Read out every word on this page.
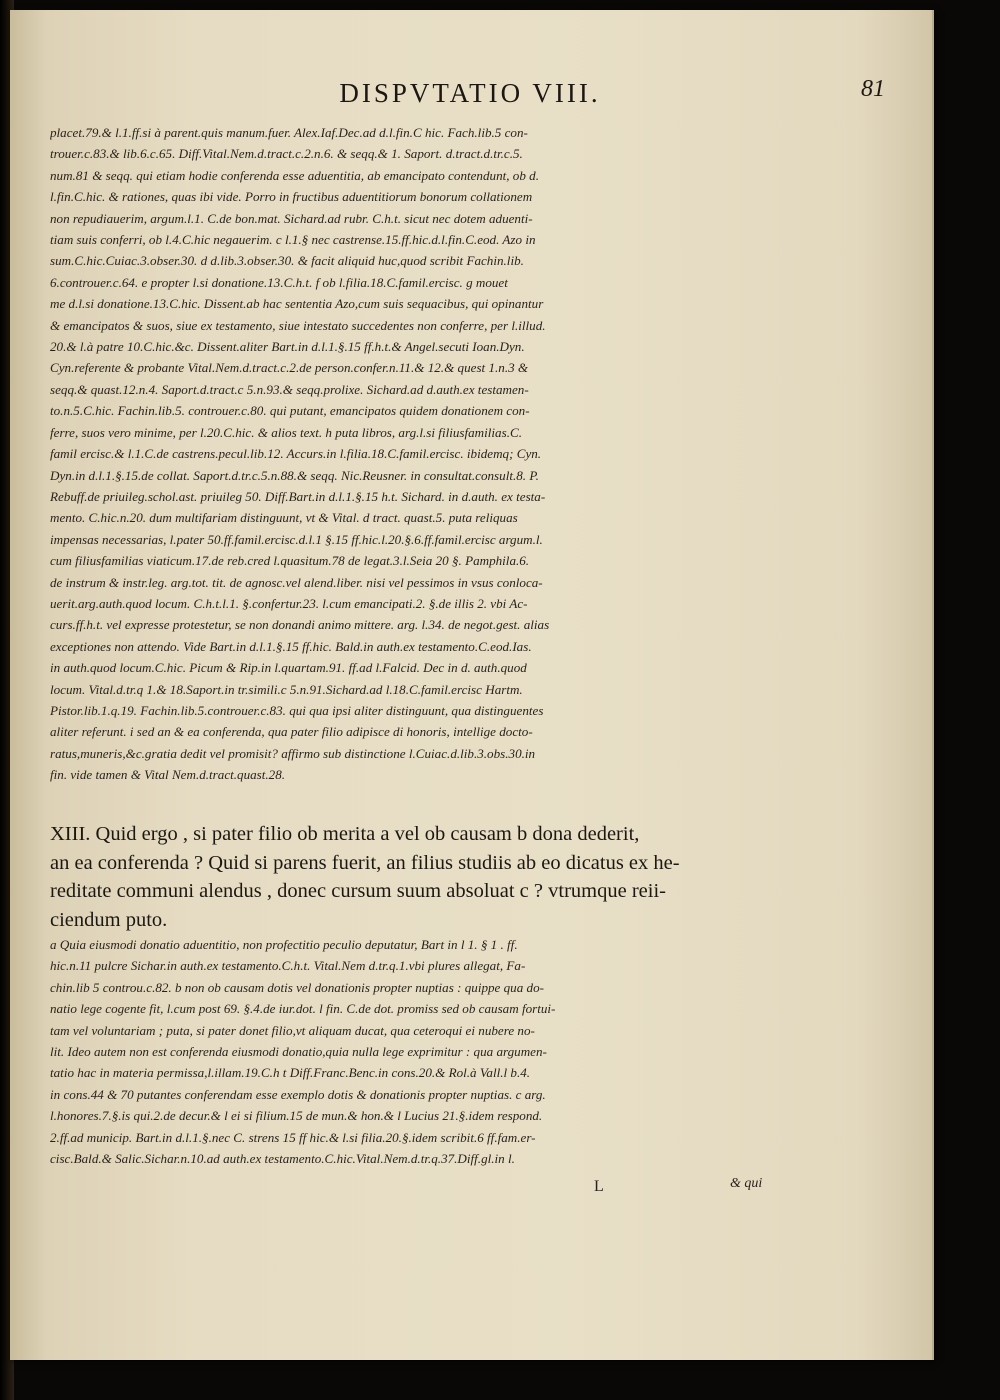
DISPVTATIO VIII.	81
placet.79.& l.1.ff.si à parent.quis manum.fuer. Alex.Iaf.Dec.ad d.l.fin.C hic. Fach.lib.5 con-
trouer.c.83.& lib.6.c.65. Diff.Vital.Nem.d.tract.c.2.n.6. & seqq.& 1. Saport. d.tract.d.tr.c.5.
num.81 & seqq. qui etiam hodie conferenda esse aduentitia, ab emancipato contendunt, ob d.
l.fin.C.hic. & rationes, quas ibi vide. Porro in fructibus aduentitiorum bonorum collationem
non repudiauerim, argum.l.1. C.de bon.mat. Sichard.ad rubr. C.h.t. sicut nec dotem aduenti-
tiam suis conferri, ob l.4.C.hic negauerim. c l.1.§ nec castrense.15.ff.hic.d.l.fin.C.eod. Azo in
sum.C.hic.Cuiac.3.obser.30. d d.lib.3.obser.30. & facit aliquid huc,quod scribit Fachin.lib.
6.controuer.c.64. e propter l.si donatione.13.C.h.t. f ob l.filia.18.C.famil.ercisc. g mouet
me d.l.si donatione.13.C.hic. Dissent.ab hac sententia Azo,cum suis sequacibus, qui opinantur
& emancipatos & suos, siue ex testamento, siue intestato succedentes non conferre, per l.illud.
20.& l.à patre 10.C.hic.&c. Dissent.aliter Bart.in d.l.1.§.15 ff.h.t.& Angel.secuti Ioan.Dyn.
Cyn.referente & probante Vital.Nem.d.tract.c.2.de person.confer.n.11.& 12.& quest 1.n.3 &
seqq.& quast.12.n.4. Saport.d.tract.c 5.n.93.& seqq.prolixe. Sichard.ad d.auth.ex testamen-
to.n.5.C.hic. Fachin.lib.5. controuer.c.80. qui putant, emancipatos quidem donationem con-
ferre, suos vero minime, per l.20.C.hic. & alios text. h puta libros, arg.l.si filiusfamilias.C.
famil ercisc.& l.1.C.de castrens.pecul.lib.12. Accurs.in l.filia.18.C.famil.ercisc. ibidemq; Cyn.
Dyn.in d.l.1.§.15.de collat. Saport.d.tr.c.5.n.88.& seqq. Nic.Reusner. in consultat.consult.8. P.
Rebuff.de priuileg.schol.ast. priuileg 50. Diff.Bart.in d.l.1.§.15 h.t. Sichard. in d.auth. ex testa-
mento. C.hic.n.20. dum multifariam distinguunt, vt & Vital. d tract. quast.5. puta reliquas
impensas necessarias, l.pater 50.ff.famil.ercisc.d.l.1 §.15 ff.hic.l.20.§.6.ff.famil.ercisc argum.l.
cum filiusfamilias viaticum.17.de reb.cred l.quasitum.78 de legat.3.l.Seia 20 §. Pamphila.6.
de instrum & instr.leg. arg.tot. tit. de agnosc.vel alend.liber. nisi vel pessimos in vsus conloca-
uerit.arg.auth.quod locum. C.h.t.l.1. §.confertur.23. l.cum emancipati.2. §.de illis 2. vbi Ac-
curs.ff.h.t. vel expresse protestetur, se non donandi animo mittere. arg. l.34. de negot.gest. alias
exceptiones non attendo. Vide Bart.in d.l.1.§.15 ff.hic. Bald.in auth.ex testamento.C.eod.Ias.
in auth.quod locum.C.hic. Picum & Rip.in l.quartam.91. ff.ad l.Falcid. Dec in d. auth.quod
locum. Vital.d.tr.q 1.& 18.Saport.in tr.simili.c 5.n.91.Sichard.ad l.18.C.famil.ercisc Hartm.
Pistor.lib.1.q.19. Fachin.lib.5.controuer.c.83. qui qua ipsi aliter distinguunt, qua distinguentes
aliter referunt. i sed an & ea conferenda, qua pater filio adipisce di honoris, intellige docto-
ratus,muneris,&c.gratia dedit vel promisit? affirmo sub distinctione l.Cuiac.d.lib.3.obs.30.in
fin. vide tamen & Vital Nem.d.tract.quast.28.
XIII. Quid ergo , si pater filio ob merita a vel ob causam b dona dederit,
an ea conferenda ? Quid si parens fuerit, an filius studiis ab eo dicatus ex he-
reditate communi alendus , donec cursum suum absoluat c ? vtrumque reii-
ciendum puto.
a Quia eiusmodi donatio aduentitio, non profectitio peculio deputatur, Bart in l 1. § 1 . ff.
hic.n.11 pulcre Sichar.in auth.ex testamento.C.h.t. Vital.Nem d.tr.q.1.vbi plures allegat, Fa-
chin.lib 5 controu.c.82. b non ob causam dotis vel donationis propter nuptias : quippe qua do-
natio lege cogente fit, l.cum post 69. §.4.de iur.dot. l fin. C.de dot. promiss sed ob causam fortui-
tam vel voluntariam ; puta, si pater donet filio,vt aliquam ducat, qua ceteroqui ei nubere no-
lit. Ideo autem non est conferenda eiusmodi donatio,quia nulla lege exprimitur : qua argumen-
tatio hac in materia permissa,l.illam.19.C.h t Diff.Franc.Benc.in cons.20.& Rol.à Vall.l b.4.
in cons.44 & 70 putantes conferendam esse exemplo dotis & donationis propter nuptias. c arg.
l.honores.7.§.is qui.2.de decur.& l ei si filium.15 de mun.& hon.& l Lucius 21.§.idem respond.
2.ff.ad municip. Bart.in d.l.1.§.nec C. strens 15 ff hic.& l.si filia.20.§.idem scribit.6 ff.fam.er-
cisc.Bald.& Salic.Sichar.n.10.ad auth.ex testamento.C.hic.Vital.Nem.d.tr.q.37.Diff.gl.in l.
L	& qui
